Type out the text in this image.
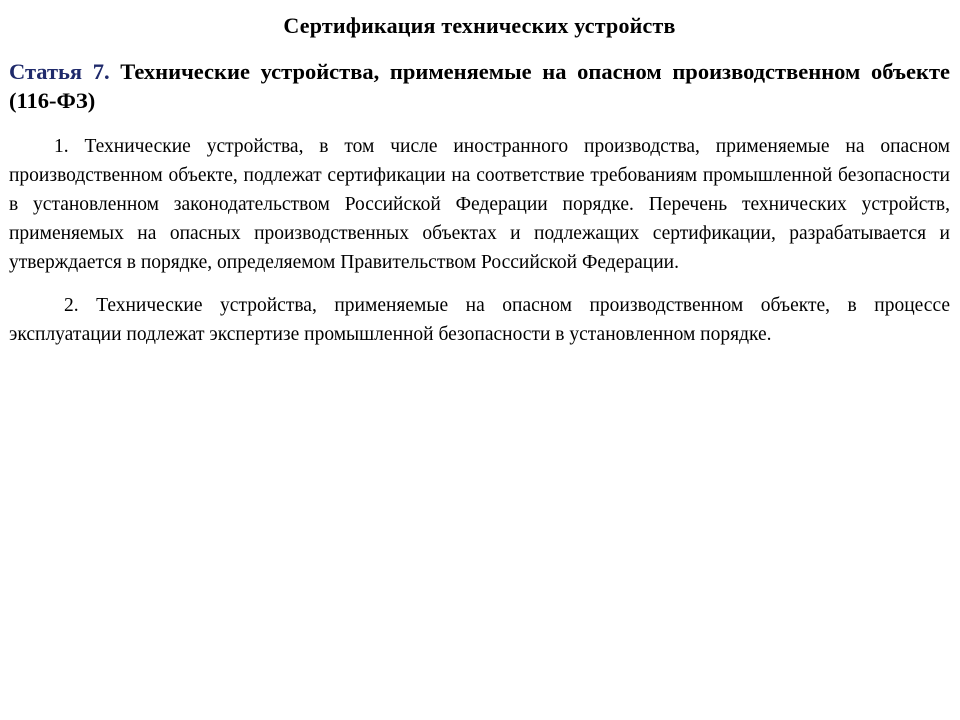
Сертификация технических устройств

Статья 7. Технические устройства, применяемые на опасном производственном объекте (116-ФЗ)

1. Технические устройства, в том числе иностранного производства, применяемые на опасном производственном объекте, подлежат сертификации на соответствие требованиям промышленной безопасности в установленном законодательством Российской Федерации порядке. Перечень технических устройств, применяемых на опасных производственных объектах и подлежащих сертификации, разрабатывается и утверждается в порядке, определяемом Правительством Российской Федерации.

2. Технические устройства, применяемые на опасном производственном объекте, в процессе эксплуатации подлежат экспертизе промышленной безопасности в установленном порядке.
